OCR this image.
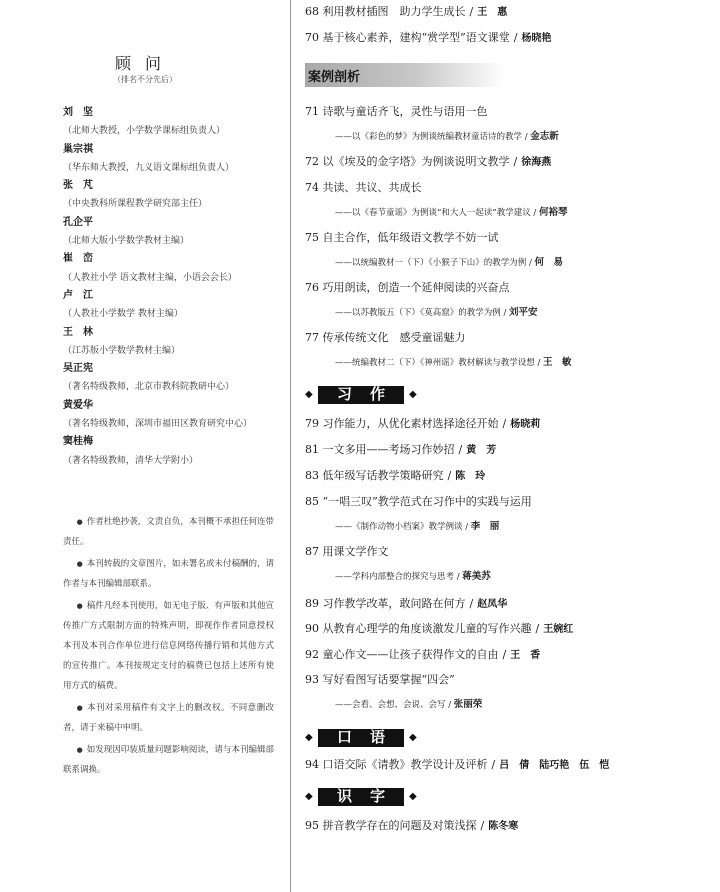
顾问
（排名不分先后）
刘　坚
（北师大教授，小学数学课标组负责人）
巢宗祺
（华东师大教授，九义语文课标组负责人）
张　芃
（中央教科所课程教学研究部主任）
孔企平
（北师大版小学数学教材主编）
崔　峦
（人教社小学 语文教材主编，小语会会长）
卢　江
（人教社小学数学 教材主编）
王　林
（江苏版小学数学教材主编）
吴正宪
（著名特级教师，北京市教科院教研中心）
黄爱华
（著名特级教师，深圳市福田区教育研究中心）
窦桂梅
（著名特级教师，清华大学附小）

● 作者杜绝抄袭，文责自负，本刊概不承担任何连带责任。

● 本刊转载的文章图片，如未署名或未付稿酬的，请作者与本刊编辑部联系。

● 稿件凡经本刊使用，如无电子版、有声版和其他宣传推广方式限制方面的特殊声明，即视作作者同意授权本刊及本刊合作单位进行信息网络传播行销和其他方式的宣传推广。本刊按规定支付的稿费已包括上述所有使用方式的稿费。

● 本刊对采用稿件有文字上的删改权。不同意删改者，请于来稿中申明。

● 如发现因印装质量问题影响阅读，请与本刊编辑部联系调换。

68 利用教材插图　助力学生成长 / 王　惠
70 基于核心素养，建构“赏学型”语文课堂 / 杨晓艳
案例剖析
71 诗歌与童话齐飞，灵性与语用一色
——以《彩色的梦》为例谈统编教材童话诗的教学 / 金志新
72 以《埃及的金字塔》为例谈说明文教学 / 徐海燕
74 共读、共议、共成长
——以《春节童谣》为例谈“和大人一起读”教学建议 / 何裕琴
75 自主合作，低年级语文教学不妨一试
——以统编教材一（下）《小猴子下山》的教学为例 / 何　易
76 巧用朗读，创造一个延伸阅读的兴奋点
——以苏教版五（下）《莫高窟》的教学为例 / 刘平安
77 传承传统文化　感受童谣魅力
——统编教材二（下）《神州谣》教材解读与教学设想 / 王　敏
◆	习作 ◆
79 习作能力，从优化素材选择途径开始 / 杨晓莉
81 一文多用——考场习作妙招 / 黄　芳
83 低年级写话教学策略研究 / 陈　玲
85 “一唱三叹”教学范式在习作中的实践与运用
——《制作动物小档案》教学例谈 / 李　丽
87 用课文学作文
——学科内部整合的探究与思考 / 蒋美苏
89 习作教学改革，敢问路在何方 / 赵凤华
90 从教育心理学的角度谈激发儿童的写作兴趣 / 王婉红
92 童心作文——让孩子获得作文的自由 / 王　香
93 写好看图写话要掌握“四会”
——会看、会想、会说、会写 / 张丽荣
◆	口语 ◆
94 口语交际《请教》教学设计及评析 / 吕　倩　陆巧艳　伍　恺
◆	识字 ◆
95 拼音教学存在的问题及对策浅探 / 陈冬寒
